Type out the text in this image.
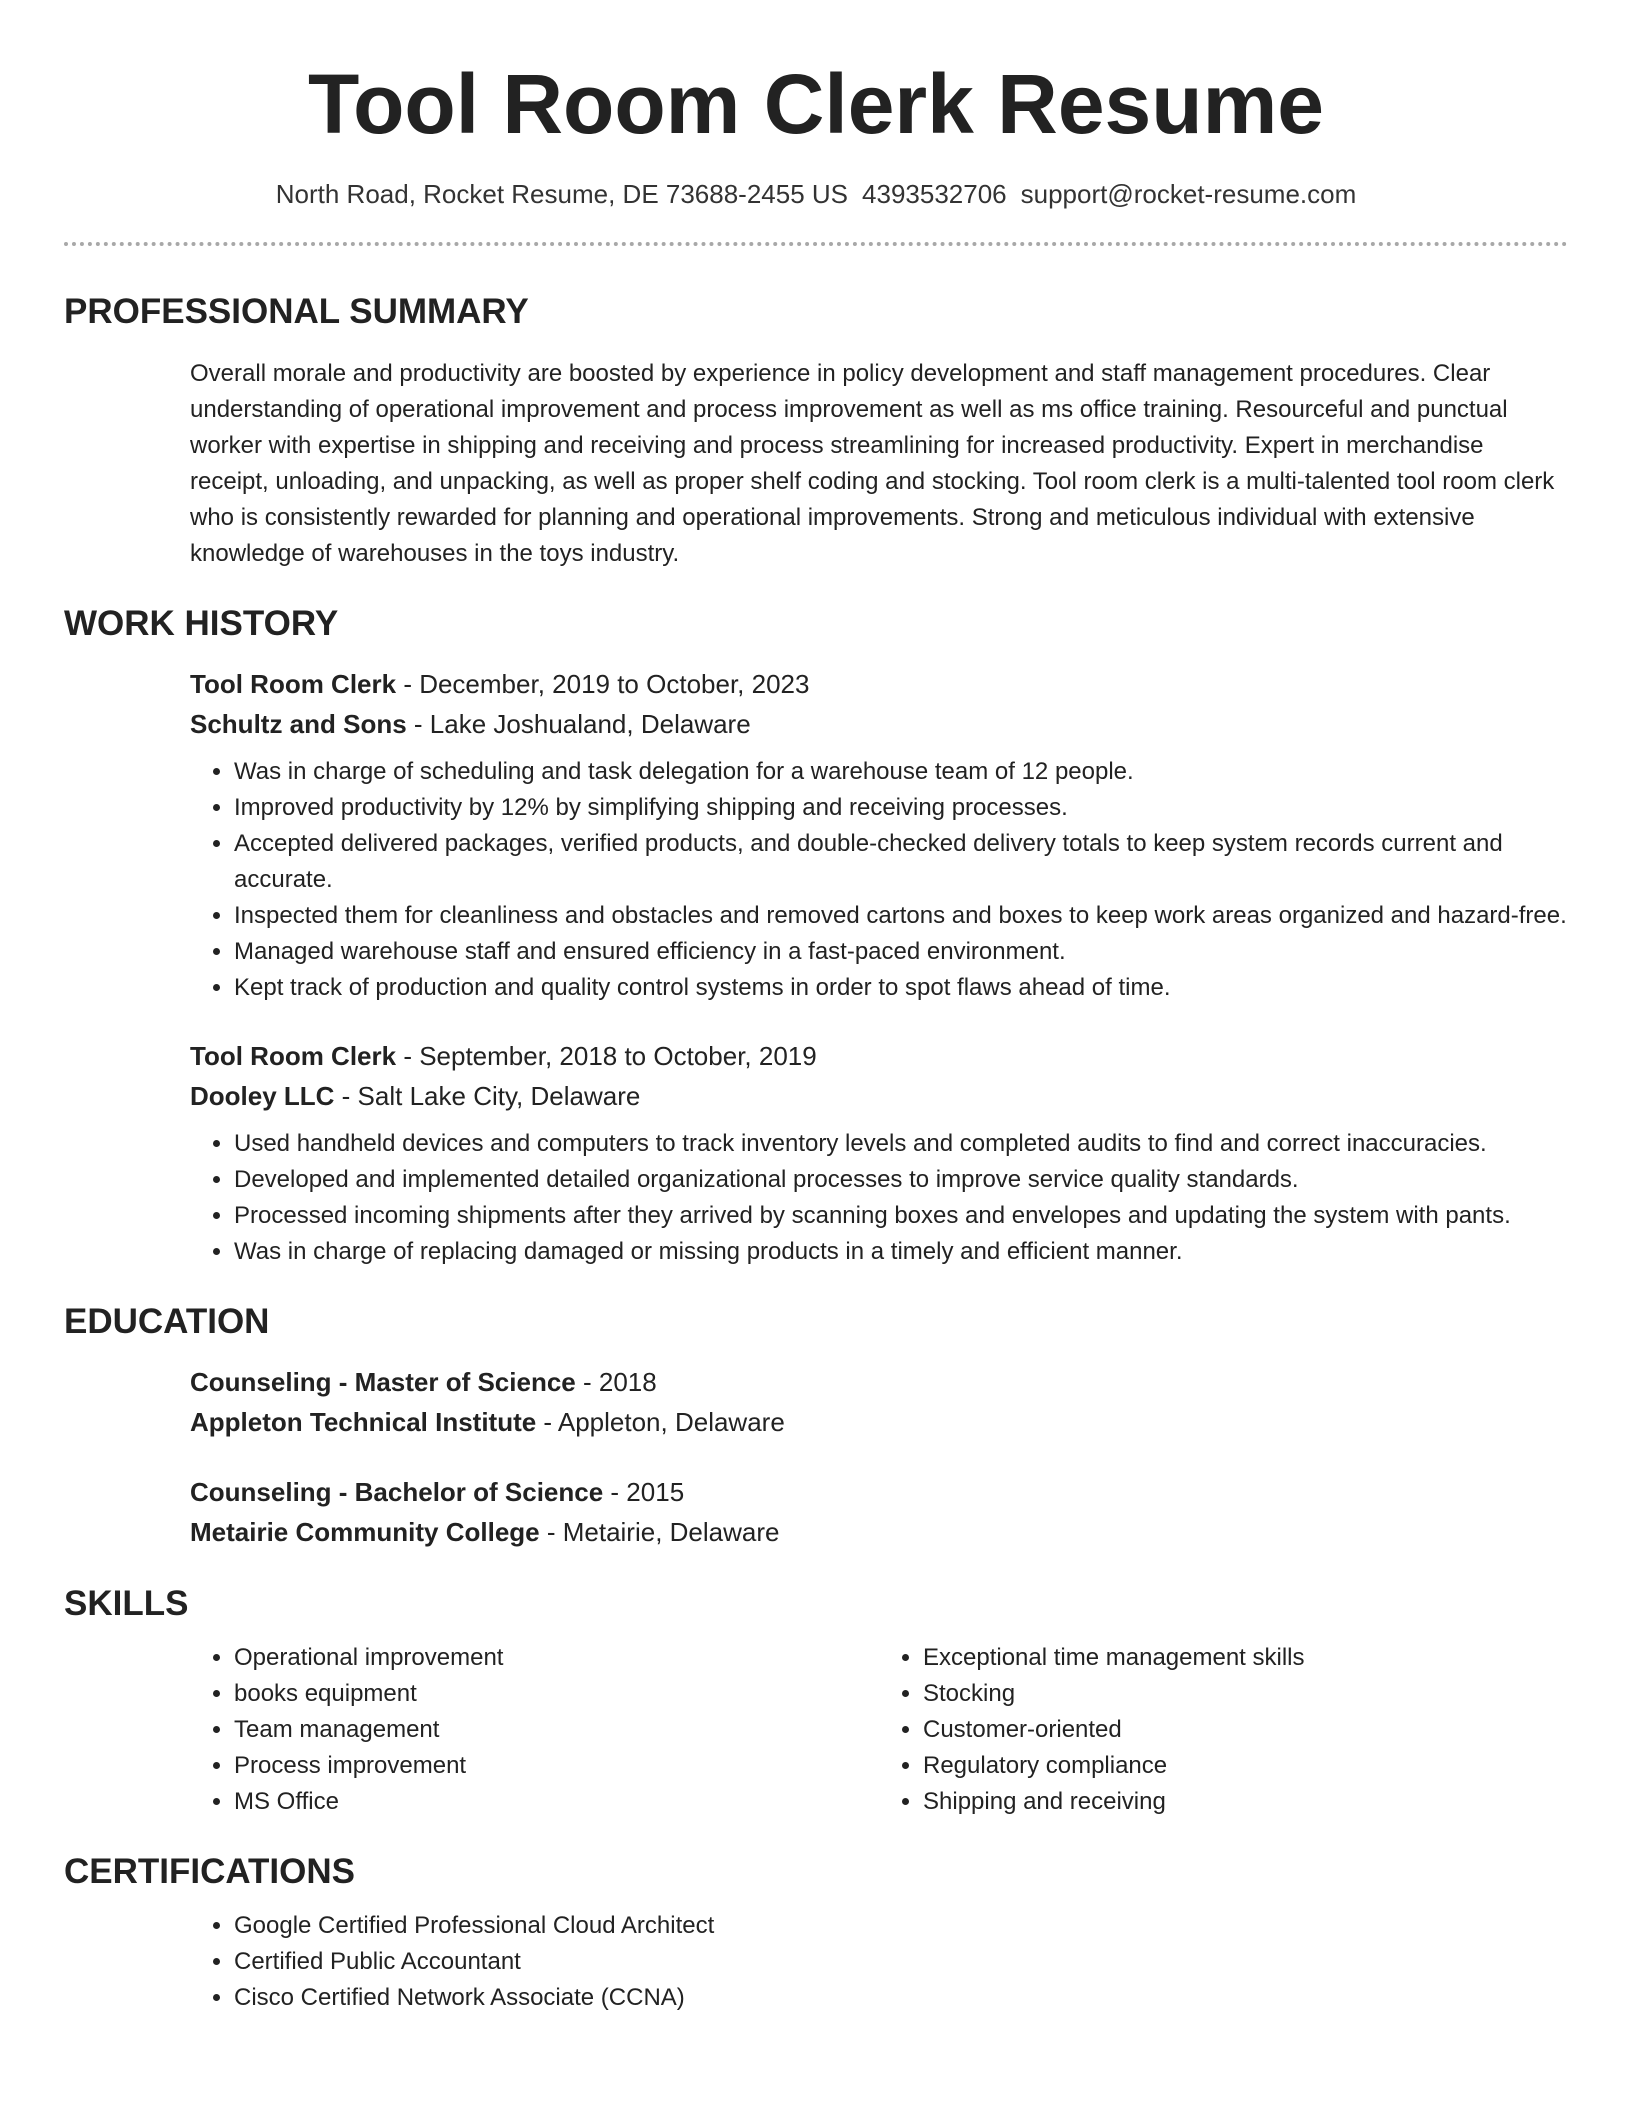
Tool Room Clerk Resume
North Road, Rocket Resume, DE 73688-2455 US 4393532706 support@rocket-resume.com
PROFESSIONAL SUMMARY

Overall morale and productivity are boosted by experience in policy development and staff management procedures. Clear understanding of operational improvement and process improvement as well as ms office training. Resourceful and punctual worker with expertise in shipping and receiving and process streamlining for increased productivity. Expert in merchandise receipt, unloading, and unpacking, as well as proper shelf coding and stocking. Tool room clerk is a multi-talented tool room clerk who is consistently rewarded for planning and operational improvements. Strong and meticulous individual with extensive knowledge of warehouses in the toys industry.

WORK HISTORY

Tool Room Clerk - December, 2019 to October, 2023

Schultz and Sons - Lake Joshualand, Delaware

• Was in charge of scheduling and task delegation for a warehouse team of 12 people.
• Improved productivity by 12% by simplifying shipping and receiving processes.
• Accepted delivered packages, verified products, and double-checked delivery totals to keep system records current and accurate.
• Inspected them for cleanliness and obstacles and removed cartons and boxes to keep work areas organized and hazard-free.
• Managed warehouse staff and ensured efficiency in a fast-paced environment.
• Kept track of production and quality control systems in order to spot flaws ahead of time.

Tool Room Clerk - September, 2018 to October, 2019

Dooley LLC - Salt Lake City, Delaware

• Used handheld devices and computers to track inventory levels and completed audits to find and correct inaccuracies.
• Developed and implemented detailed organizational processes to improve service quality standards.
• Processed incoming shipments after they arrived by scanning boxes and envelopes and updating the system with pants.
• Was in charge of replacing damaged or missing products in a timely and efficient manner.
EDUCATION

Counseling - Master of Science - 2018

Appleton Technical Institute - Appleton, Delaware

Counseling - Bachelor of Science - 2015

Metairie Community College - Metairie, Delaware

SKILLS
• Operational improvement
• books equipment
• Team management
• Process improvement
• MS Office
• Exceptional time management skills
• Stocking
• Customer-oriented
• Regulatory compliance
• Shipping and receiving
CERTIFICATIONS
• Google Certified Professional Cloud Architect
• Certified Public Accountant
• Cisco Certified Network Associate (CCNA)
